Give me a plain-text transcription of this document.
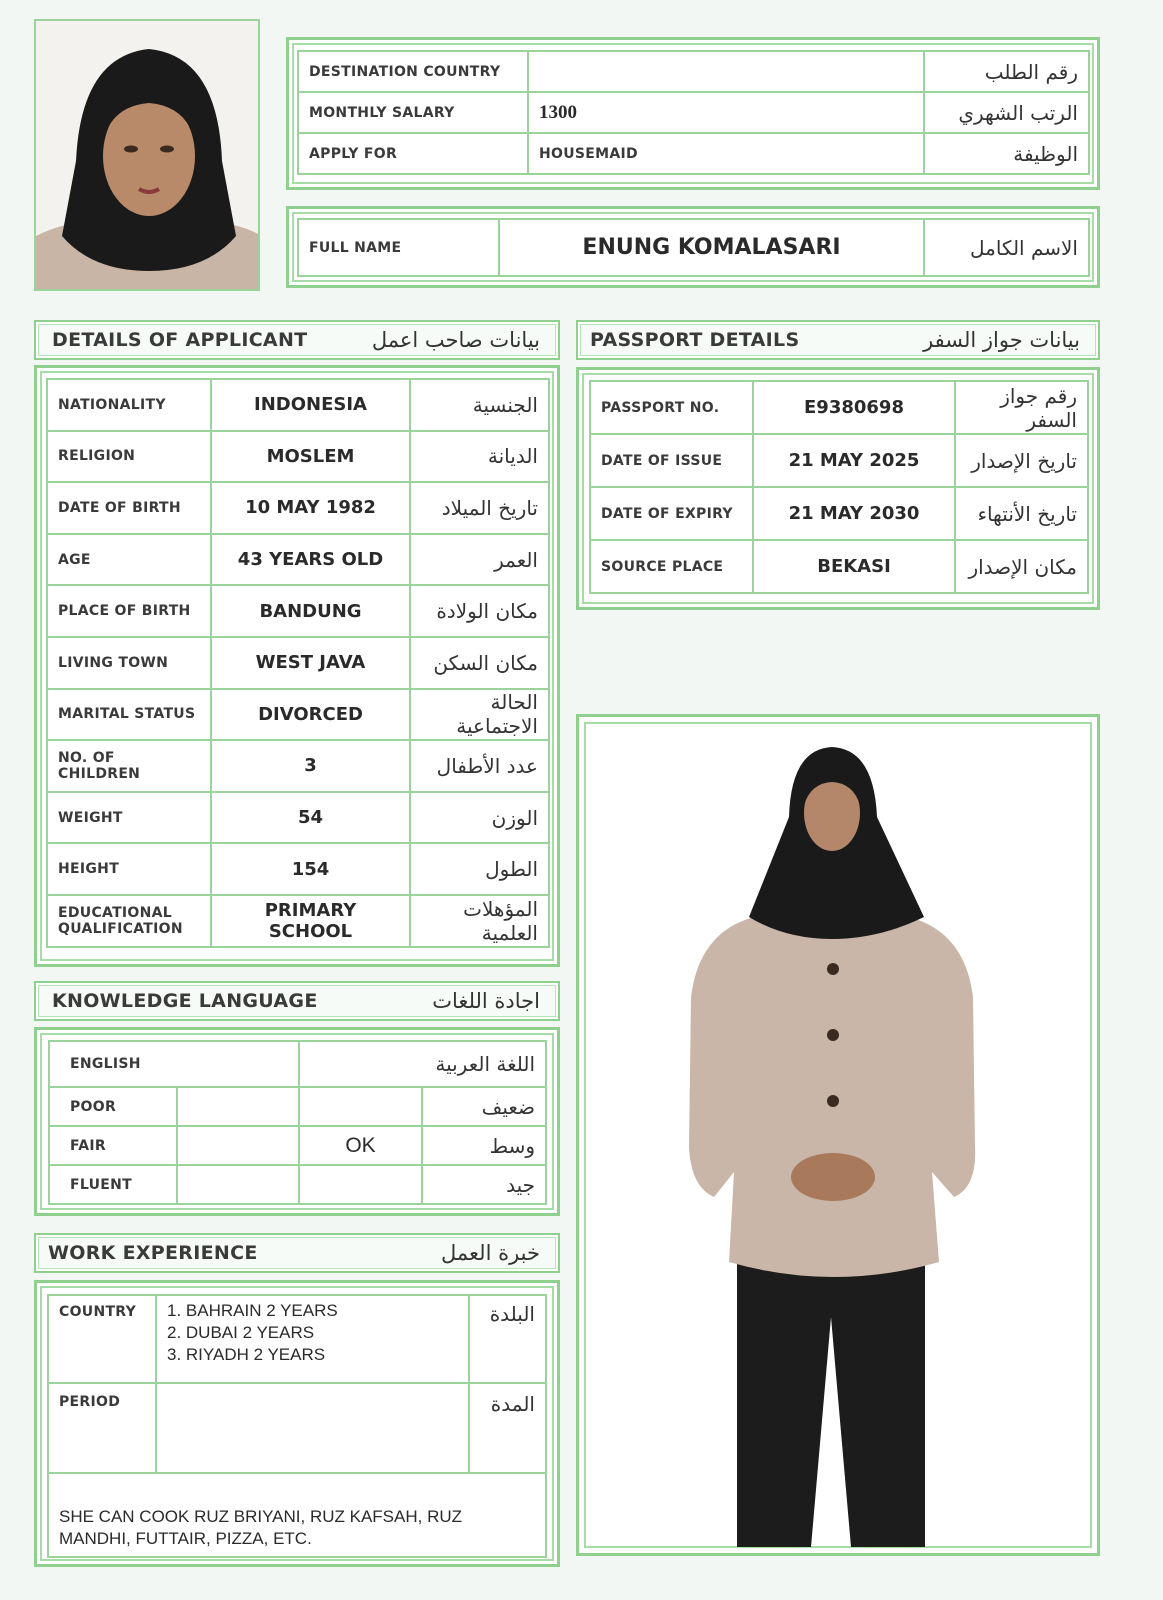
DESTINATION COUNTRY		رقم الطلب
MONTHLY SALARY	1300	الرتب الشهري
APPLY FOR	HOUSEMAID	الوظيفة
FULL NAME	ENUNG KOMALASARI	الاسم الكامل
DETAILS OF APPLICANT	بيانات صاحب اعمل
NATIONALITY	INDONESIA	الجنسية
RELIGION	MOSLEM	الديانة
DATE OF BIRTH	10 MAY 1982	تاريخ الميلاد
AGE	43 YEARS OLD	العمر
PLACE OF BIRTH	BANDUNG	مكان الولادة
LIVING TOWN	WEST JAVA	مكان السكن
MARITAL STATUS	DIVORCED	الحالة الاجتماعية
NO. OF CHILDREN	3	عدد الأطفال
WEIGHT	54	الوزن
HEIGHT	154	الطول
EDUCATIONAL QUALIFICATION	PRIMARY SCHOOL	المؤهلات العلمية
PASSPORT DETAILS	بيانات جواز السفر
PASSPORT NO.	E9380698	رقم جواز السفر
DATE OF ISSUE	21 MAY 2025	تاريخ الإصدار
DATE OF EXPIRY	21 MAY 2030	تاريخ الأنتهاء
SOURCE PLACE	BEKASI	مكان الإصدار
KNOWLEDGE LANGUAGE	اجادة اللغات
ENGLISH		اللغة العربية	
POOR			ضعيف
FAIR		OK	وسط
FLUENT			جيد
WORK EXPERIENCE	خبرة العمل
COUNTRY	1. BAHRAIN 2 YEARS
2. DUBAI 2 YEARS
3. RIYADH 2 YEARS	البلدة
PERIOD		المدة
SHE CAN COOK RUZ BRIYANI, RUZ KAFSAH, RUZ MANDHI, FUTTAIR, PIZZA, ETC.		
